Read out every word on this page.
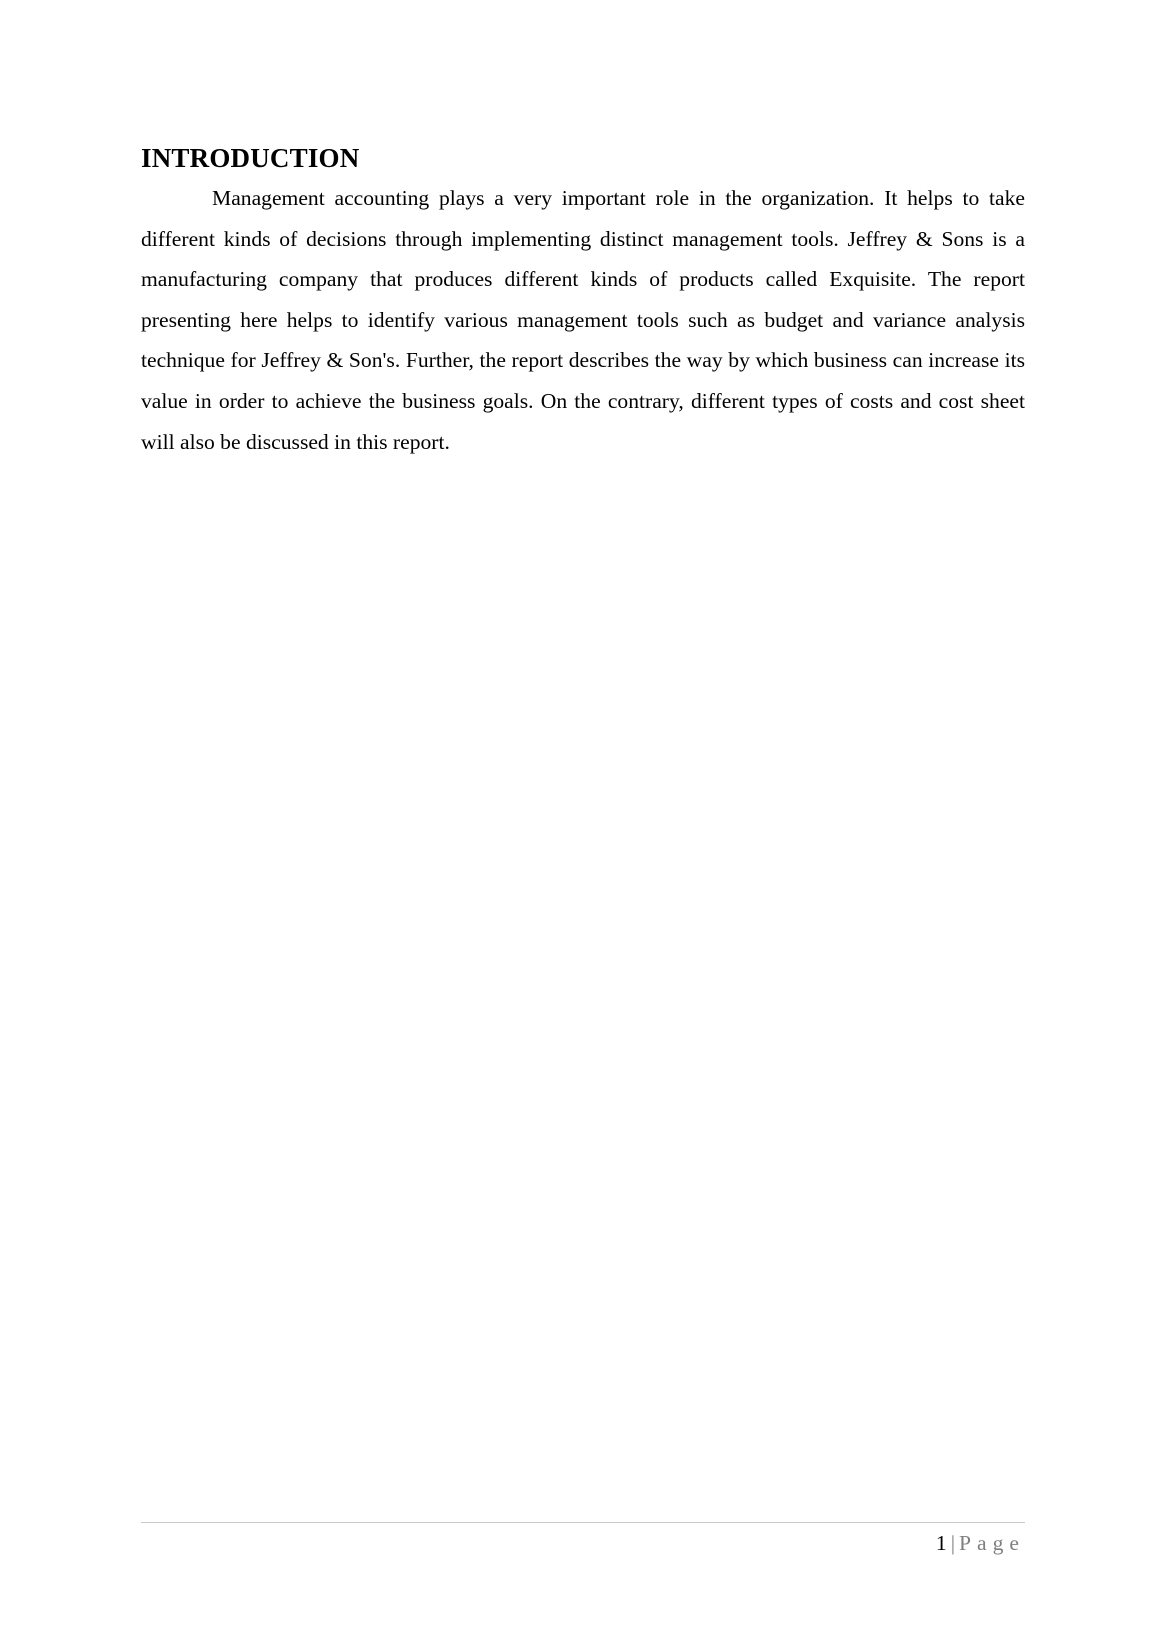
INTRODUCTION

Management accounting plays a very important role in the organization. It helps to take different kinds of decisions through implementing distinct management tools. Jeffrey & Sons is a manufacturing company that produces different kinds of products called Exquisite. The report presenting here helps to identify various management tools such as budget and variance analysis technique for Jeffrey & Son's. Further, the report describes the way by which business can increase its value in order to achieve the business goals. On the contrary, different types of costs and cost sheet will also be discussed in this report.

1 | Page
